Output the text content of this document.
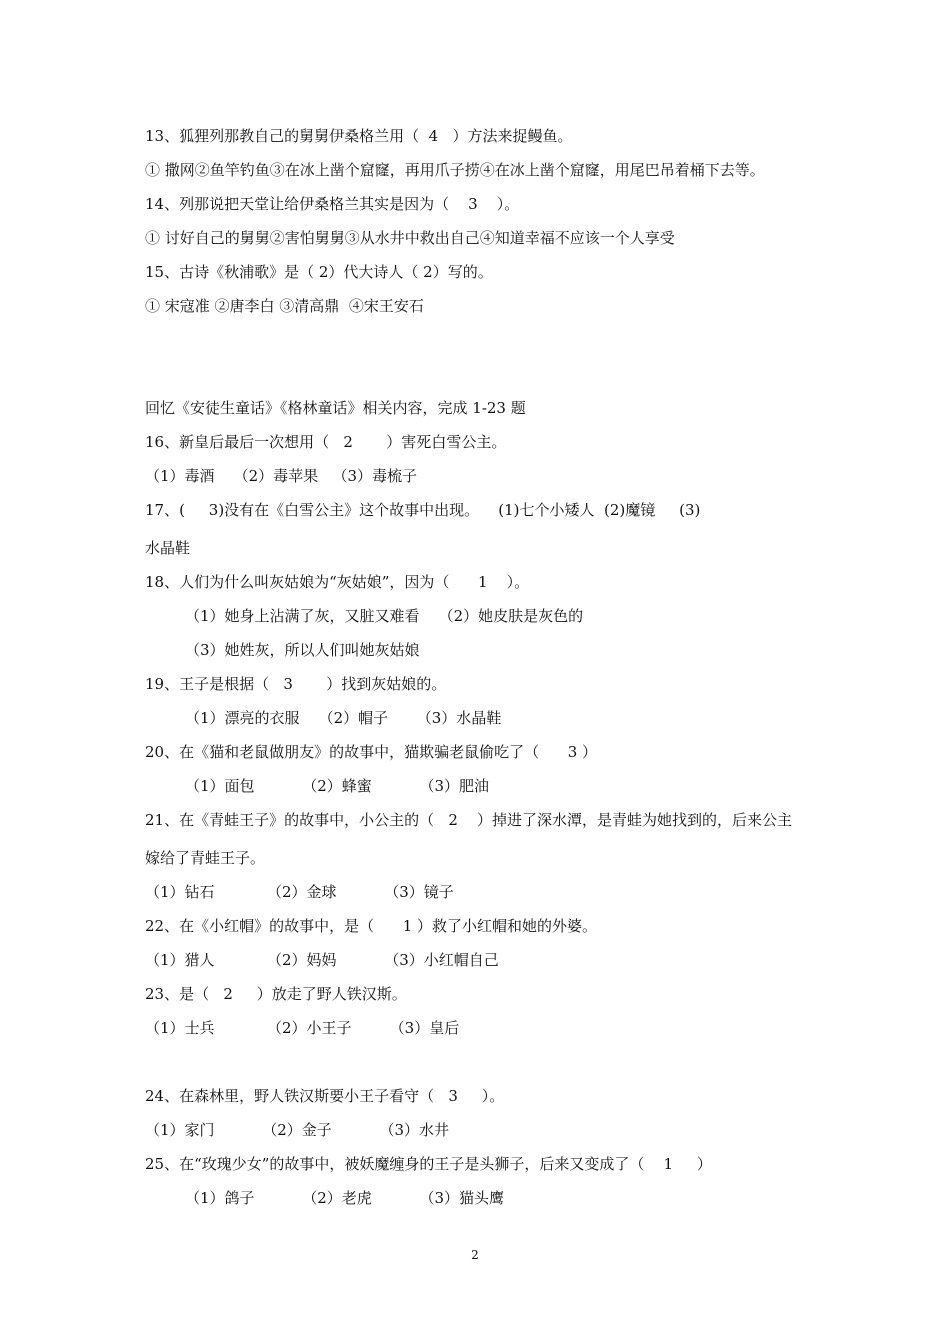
13、狐狸列那教自己的舅舅伊桑格兰用（  4   ）方法来捉鳗鱼。
① 撒网②鱼竿钓鱼③在冰上凿个窟窿，再用爪子捞④在冰上凿个窟窿，用尾巴吊着桶下去等。
14、列那说把天堂让给伊桑格兰其实是因为（    3    ）。
① 讨好自己的舅舅②害怕舅舅③从水井中救出自己④知道幸福不应该一个人享受
15、古诗《秋浦歌》是（ 2）代大诗人（ 2）写的。
① 宋寇准 ②唐李白 ③清高鼎  ④宋王安石
回忆《安徒生童话》《格林童话》相关内容，完成 1-23 题
16、新皇后最后一次想用（   2       ）害死白雪公主。
（1）毒酒    （2）毒苹果   （3）毒梳子
17、(     3)没有在《白雪公主》这个故事中出现。    (1)七个小矮人  (2)魔镜     (3)
水晶鞋
18、人们为什么叫灰姑娘为“灰姑娘”，因为（      1    ）。
（1）她身上沾满了灰，又脏又难看    （2）她皮肤是灰色的
（3）她姓灰，所以人们叫她灰姑娘
19、王子是根据（   3       ）找到灰姑娘的。
（1）漂亮的衣服    （2）帽子      （3）水晶鞋
20、在《猫和老鼠做朋友》的故事中，猫欺骗老鼠偷吃了（      3 ）
（1）面包          （2）蜂蜜          （3）肥油
21、在《青蛙王子》的故事中，小公主的（   2    ）掉进了深水潭，是青蛙为她找到的，后来公主
嫁给了青蛙王子。
（1）钻石           （2）金球          （3）镜子
22、在《小红帽》的故事中，是（      1 ）救了小红帽和她的外婆。
（1）猎人           （2）妈妈          （3）小红帽自己
23、是（   2     ）放走了野人铁汉斯。
（1）士兵           （2）小王子        （3）皇后
24、在森林里，野人铁汉斯要小王子看守（   3     ）。
（1）家门          （2）金子          （3）水井
25、在“玫瑰少女”的故事中，被妖魔缠身的王子是头狮子，后来又变成了（    1     ）
（1）鸽子          （2）老虎          （3）猫头鹰
2
